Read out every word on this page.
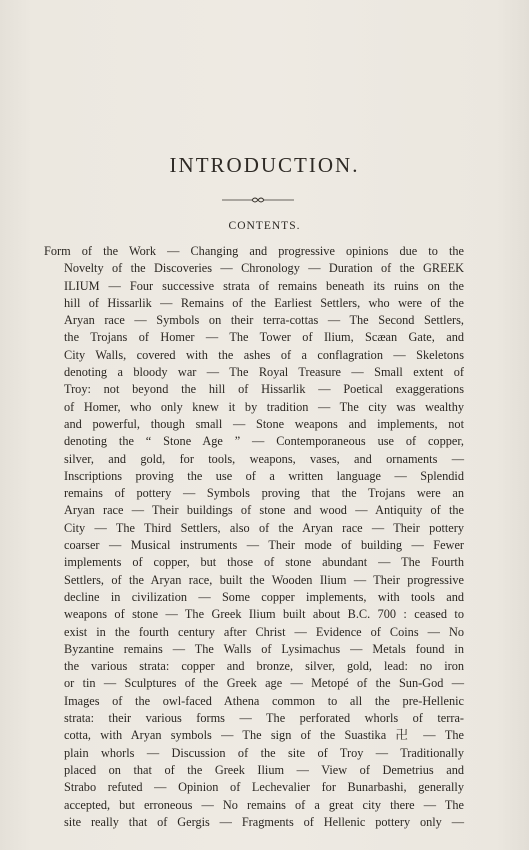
INTRODUCTION.
CONTENTS.
Form of the Work — Changing and progressive opinions due to the
Novelty of the Discoveries — Chronology — Duration of the GREEK
ILIUM — Four successive strata of remains beneath its ruins on the
hill of Hissarlik — Remains of the Earliest Settlers, who were of the
Aryan race — Symbols on their terra-cottas — The Second Settlers,
the Trojans of Homer — The Tower of Ilium, Scæan Gate, and
City Walls, covered with the ashes of a conflagration — Skeletons
denoting a bloody war — The Royal Treasure — Small extent of
Troy: not beyond the hill of Hissarlik — Poetical exaggerations
of Homer, who only knew it by tradition — The city was wealthy
and powerful, though small — Stone weapons and implements, not
denoting the “ Stone Age ” — Contemporaneous use of copper,
silver, and gold, for tools, weapons, vases, and ornaments —
Inscriptions proving the use of a written language — Splendid
remains of pottery — Symbols proving that the Trojans were an
Aryan race — Their buildings of stone and wood — Antiquity of the
City — The Third Settlers, also of the Aryan race — Their pottery
coarser — Musical instruments — Their mode of building — Fewer
implements of copper, but those of stone abundant — The Fourth
Settlers, of the Aryan race, built the Wooden Ilium — Their progressive
decline in civilization — Some copper implements, with tools and
weapons of stone — The Greek Ilium built about B.C. 700 : ceased to
exist in the fourth century after Christ — Evidence of Coins — No
Byzantine remains — The Walls of Lysimachus — Metals found in
the various strata: copper and bronze, silver, gold, lead: no iron
or tin — Sculptures of the Greek age — Metopé of the Sun-God —
Images of the owl-faced Athena common to all the pre-Hellenic
strata: their various forms — The perforated whorls of terra-
cotta, with Aryan symbols — The sign of the Suastika 卍 — The
plain whorls — Discussion of the site of Troy — Traditionally
placed on that of the Greek Ilium — View of Demetrius and
Strabo refuted — Opinion of Lechevalier for Bunarbashi, generally
accepted, but erroneous — No remains of a great city there — The
site really that of Gergis — Fragments of Hellenic pottery only —
